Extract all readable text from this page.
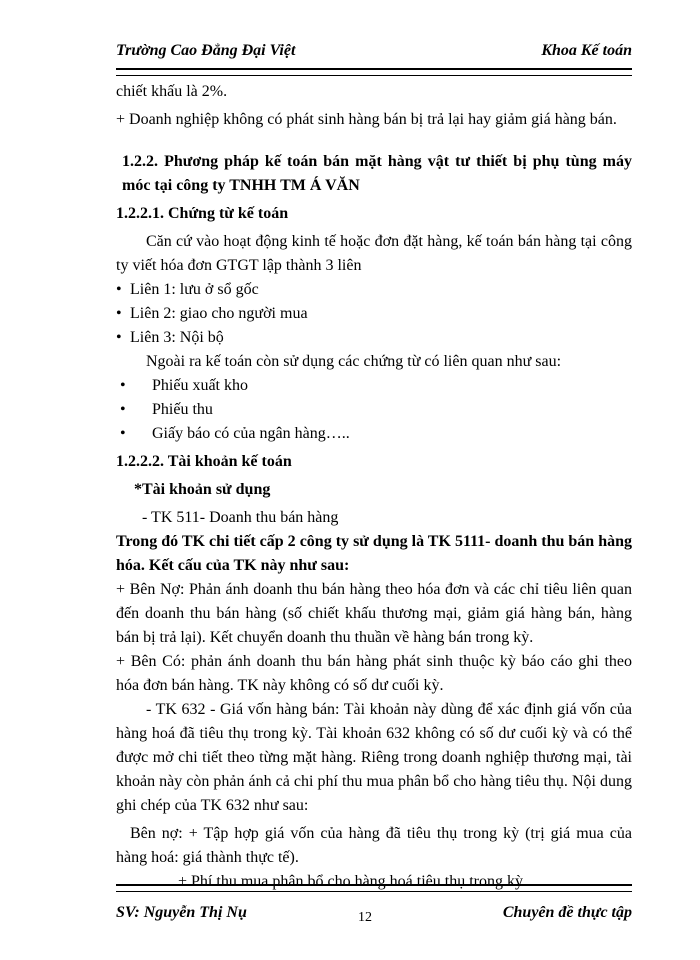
Trường Cao Đẳng Đại Việt	Khoa Kế toán

chiết khấu là 2%.

+ Doanh nghiệp không có phát sinh hàng bán bị trả lại hay giảm giá hàng bán.

1.2.2. Phương pháp kế toán bán mặt hàng vật tư thiết bị phụ tùng máy móc tại công ty TNHH TM Á VĂN

1.2.2.1. Chứng từ kế toán

Căn cứ vào hoạt động kinh tế hoặc đơn đặt hàng, kế toán bán hàng tại công ty viết hóa đơn GTGT lập thành 3 liên

• Liên 1: lưu ở sổ gốc

• Liên 2: giao cho người mua

• Liên 3: Nội bộ

Ngoài ra kế toán còn sử dụng các chứng từ có liên quan như sau:

• Phiếu xuất kho

• Phiếu thu

• Giấy báo có của ngân hàng…..

1.2.2.2. Tài khoản kế toán

*Tài khoản sử dụng

- TK 511- Doanh thu bán hàng

Trong đó TK chi tiết cấp 2 công ty sử dụng là TK 5111- doanh thu bán hàng hóa. Kết cấu của TK này như sau:

+ Bên Nợ: Phản ánh doanh thu bán hàng theo hóa đơn và các chỉ tiêu liên quan đến doanh thu bán hàng (số chiết khấu thương mại, giảm giá hàng bán, hàng bán bị trả lại). Kết chuyển doanh thu thuần về hàng bán trong kỳ.

+ Bên Có: phản ánh doanh thu bán hàng phát sinh thuộc kỳ báo cáo ghi theo hóa đơn bán hàng. TK này không có số dư cuối kỳ.

- TK 632 - Giá vốn hàng bán: Tài khoản này dùng để xác định giá vốn của hàng hoá đã tiêu thụ trong kỳ. Tài khoản 632 không có số dư cuối kỳ và có thể được mở chi tiết theo từng mặt hàng. Riêng trong doanh nghiệp thương mại, tài khoản này còn phản ánh cả chi phí thu mua phân bổ cho hàng tiêu thụ. Nội dung ghi chép của TK 632 như sau:

Bên nợ: + Tập hợp giá vốn của hàng đã tiêu thụ trong kỳ (trị giá mua của hàng hoá: giá thành thực tế).

+ Phí thu mua phân bổ cho hàng hoá tiêu thụ trong kỳ

SV: Nguyễn Thị Nụ	12	Chuyên đề thực tập
